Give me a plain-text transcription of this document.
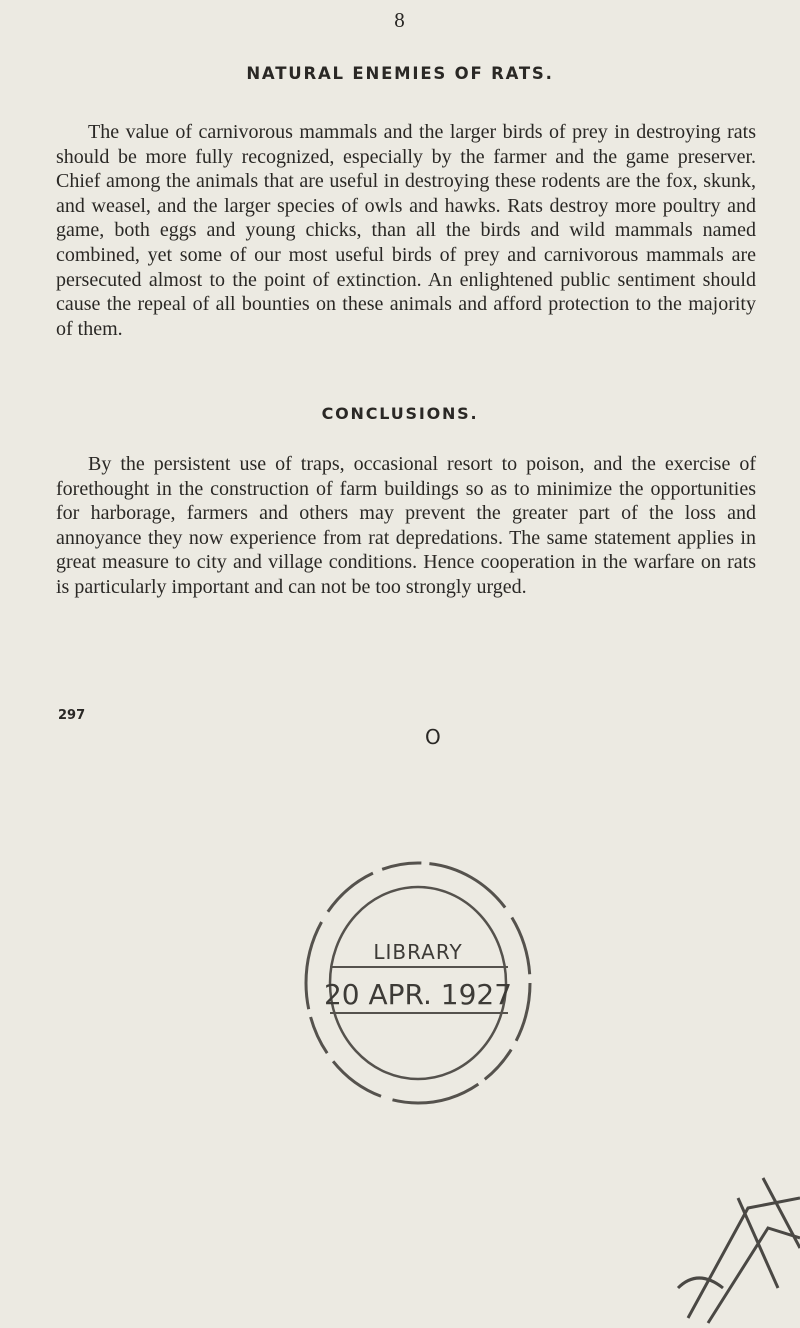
8
NATURAL ENEMIES OF RATS.

The value of carnivorous mammals and the larger birds of prey in destroying rats should be more fully recognized, especially by the farmer and the game preserver. Chief among the animals that are useful in destroying these rodents are the fox, skunk, and weasel, and the larger species of owls and hawks. Rats destroy more poultry and game, both eggs and young chicks, than all the birds and wild mammals named combined, yet some of our most useful birds of prey and carnivorous mammals are persecuted almost to the point of extinction. An enlightened public sentiment should cause the repeal of all bounties on these animals and afford protection to the majority of them.

CONCLUSIONS.

By the persistent use of traps, occasional resort to poison, and the exercise of forethought in the construction of farm buildings so as to minimize the opportunities for harborage, farmers and others may prevent the greater part of the loss and annoyance they now experience from rat depredations. The same statement applies in great measure to city and village conditions. Hence cooperation in the warfare on rats is particularly important and can not be too strongly urged.

297
O
LIBRARY
20 APR. 1927
